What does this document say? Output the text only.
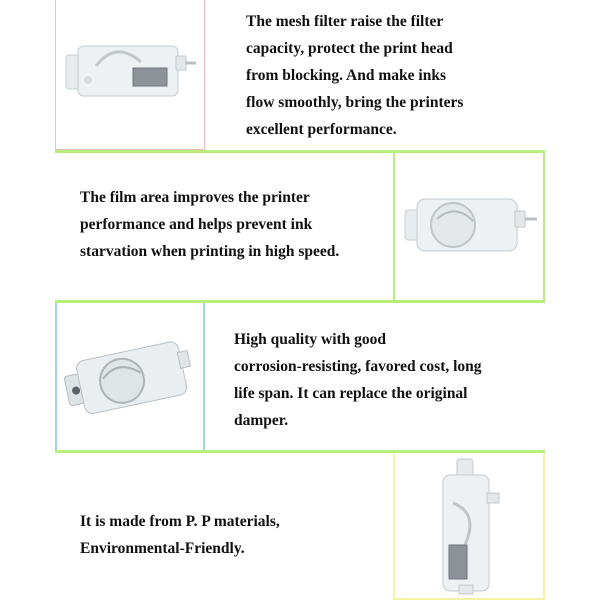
The mesh filter raise the filter

capacity, protect the print head

from blocking. And make inks

flow smoothly, bring the printers

excellent performance.

The film area improves the printer

performance and helps prevent ink

starvation when printing in high speed.

High quality with good

corrosion-resisting, favored cost, long

life span. It can replace the original

damper.

It is made from P. P materials,

Environmental-Friendly.
